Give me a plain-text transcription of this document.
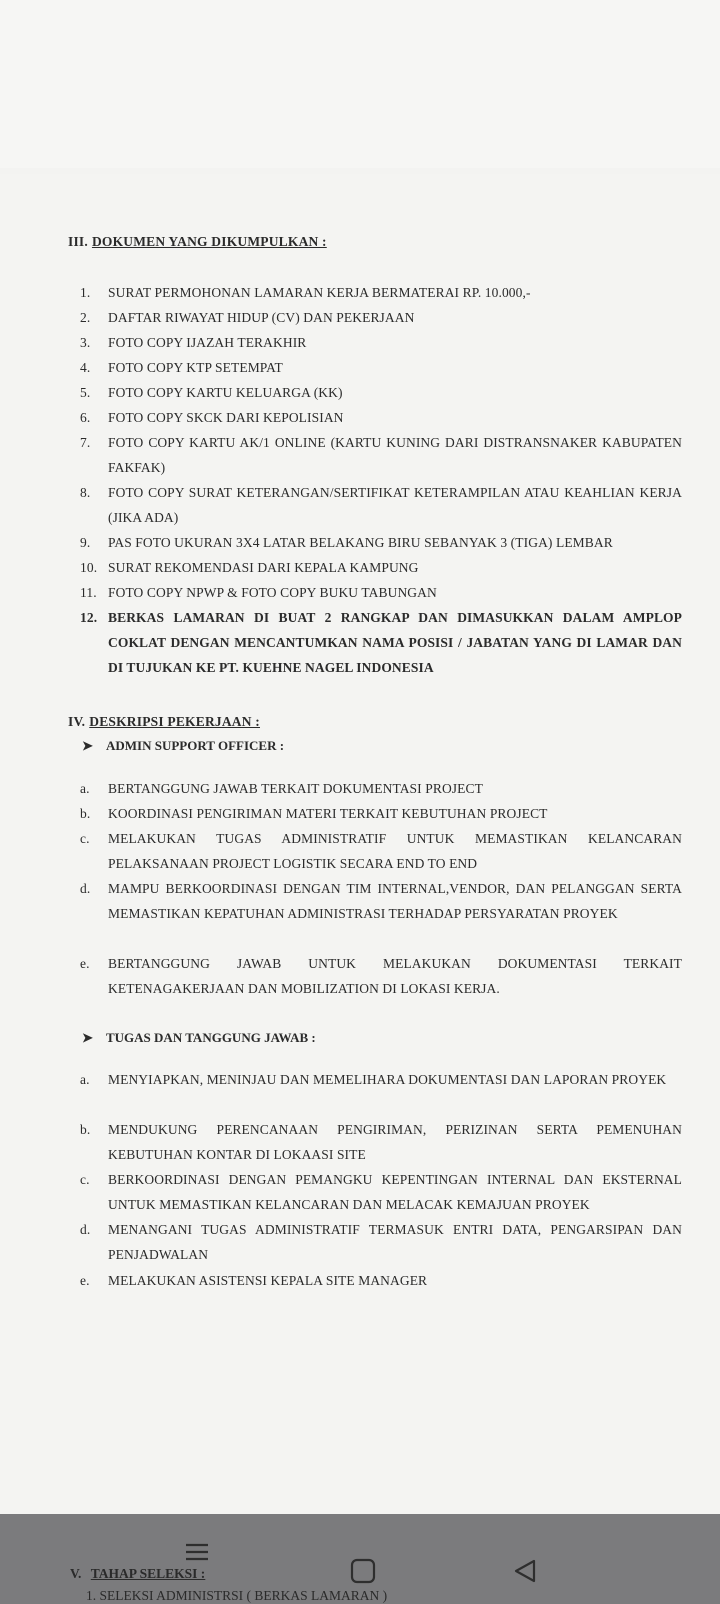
III. DOKUMEN YANG DIKUMPULKAN :
1.	SURAT PERMOHONAN LAMARAN KERJA BERMATERAI RP. 10.000,-
2.	DAFTAR RIWAYAT HIDUP (CV) DAN PEKERJAAN
3.	FOTO COPY IJAZAH TERAKHIR
4.	FOTO COPY KTP SETEMPAT
5.	FOTO COPY KARTU KELUARGA (KK)
6.	FOTO COPY SKCK DARI KEPOLISIAN
7.	FOTO COPY KARTU AK/1 ONLINE (KARTU KUNING DARI DISTRANSNAKER KABUPATEN FAKFAK)
8.	FOTO COPY SURAT KETERANGAN/SERTIFIKAT KETERAMPILAN ATAU KEAHLIAN KERJA (JIKA ADA)
9.	PAS FOTO UKURAN 3X4 LATAR BELAKANG BIRU SEBANYAK 3 (TIGA) LEMBAR
10. SURAT REKOMENDASI DARI KEPALA KAMPUNG
11. FOTO COPY NPWP & FOTO COPY BUKU TABUNGAN
12. BERKAS LAMARAN DI BUAT 2 RANGKAP DAN DIMASUKKAN DALAM AMPLOP COKLAT DENGAN MENCANTUMKAN NAMA POSISI / JABATAN YANG DI LAMAR DAN DI TUJUKAN KE PT. KUEHNE NAGEL INDONESIA
IV. DESKRIPSI PEKERJAAN :
➤ ADMIN SUPPORT OFFICER :
a.	BERTANGGUNG JAWAB TERKAIT DOKUMENTASI PROJECT
b.	KOORDINASI PENGIRIMAN MATERI TERKAIT KEBUTUHAN PROJECT
c.	MELAKUKAN TUGAS ADMINISTRATIF UNTUK MEMASTIKAN KELANCARAN PELAKSANAAN PROJECT LOGISTIK SECARA END TO END
d.	MAMPU BERKOORDINASI DENGAN TIM INTERNAL,VENDOR, DAN PELANGGAN SERTA MEMASTIKAN KEPATUHAN ADMINISTRASI TERHADAP PERSYARATAN PROYEK
e.	BERTANGGUNG JAWAB UNTUK MELAKUKAN DOKUMENTASI TERKAIT KETENAGAKERJAAN DAN MOBILIZATION DI LOKASI KERJA.
➤ TUGAS DAN TANGGUNG JAWAB :
a.	MENYIAPKAN, MENINJAU DAN MEMELIHARA DOKUMENTASI DAN LAPORAN PROYEK
b.	MENDUKUNG PERENCANAAN PENGIRIMAN, PERIZINAN SERTA PEMENUHAN KEBUTUHAN KONTAR DI LOKAASI SITE
c.	BERKOORDINASI DENGAN PEMANGKU KEPENTINGAN INTERNAL DAN EKSTERNAL UNTUK MEMASTIKAN KELANCARAN DAN MELACAK KEMAJUAN PROYEK
d.	MENANGANI TUGAS ADMINISTRATIF TERMASUK ENTRI DATA, PENGARSIPAN DAN PENJADWALAN
e.	MELAKUKAN ASISTENSI KEPALA SITE MANAGER
V. TAHAP SELEKSI :
1. SELEKSI ADMINISTRSI ( BERKAS LAMARAN )
